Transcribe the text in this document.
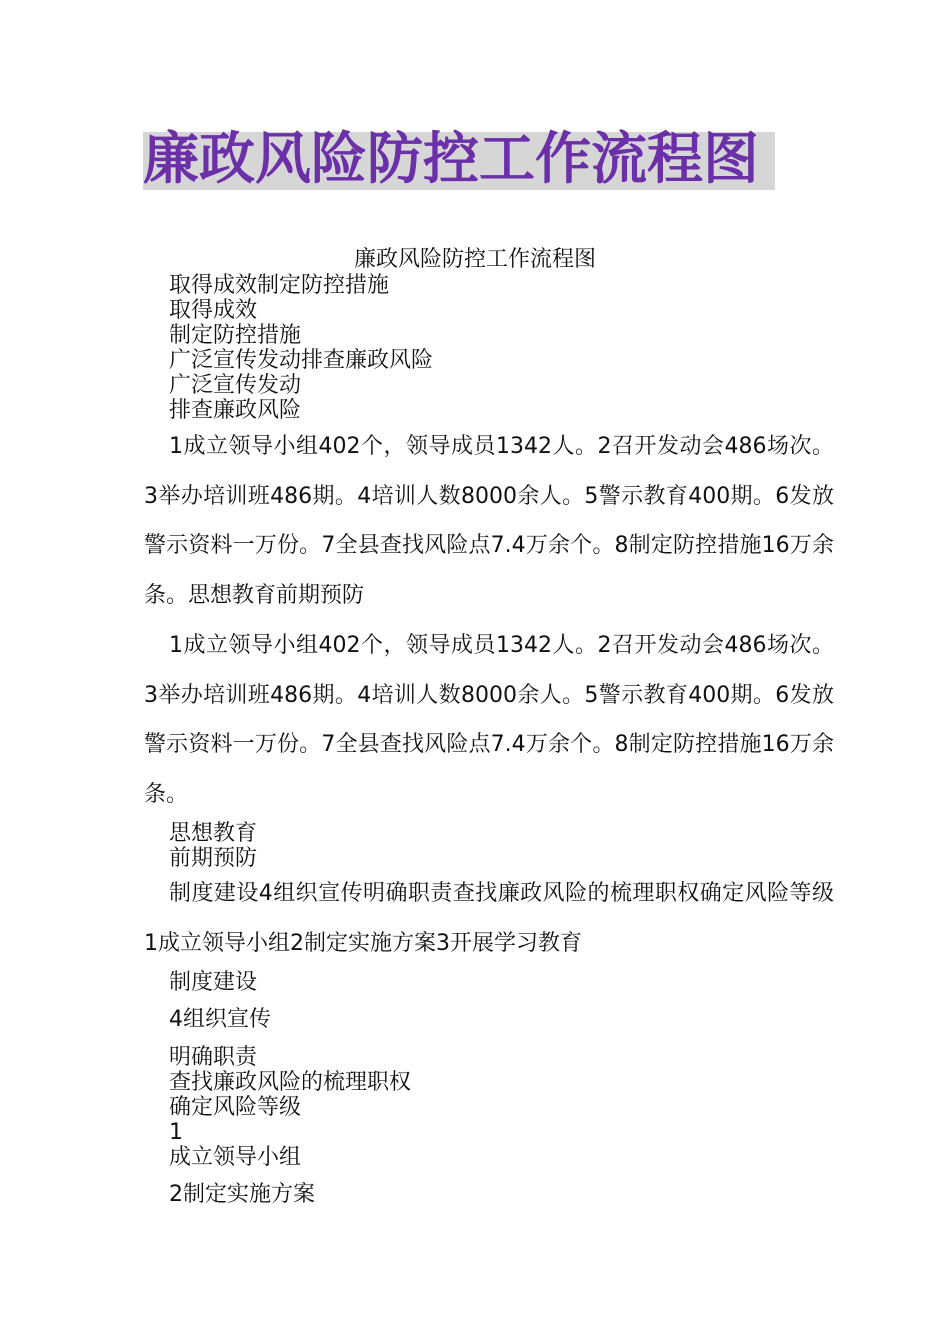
廉政风险防控工作流程图
廉政风险防控工作流程图
取得成效制定防控措施
取得成效
制定防控措施
广泛宣传发动排查廉政风险
广泛宣传发动
排查廉政风险
1成立领导小组402个，领导成员1342人。2召开发动会486场次。3举办培训班486期。4培训人数8000余人。5警示教育400期。6发放警示资料一万份。7全县查找风险点7.4万余个。8制定防控措施16万余条。思想教育前期预防
1成立领导小组402个，领导成员1342人。2召开发动会486场次。3举办培训班486期。4培训人数8000余人。5警示教育400期。6发放警示资料一万份。7全县查找风险点7.4万余个。8制定防控措施16万余条。
思想教育
前期预防
制度建设4组织宣传明确职责查找廉政风险的梳理职权确定风险等级1成立领导小组2制定实施方案3开展学习教育
制度建设
4组织宣传
明确职责
查找廉政风险的梳理职权
确定风险等级
1
成立领导小组
2制定实施方案
